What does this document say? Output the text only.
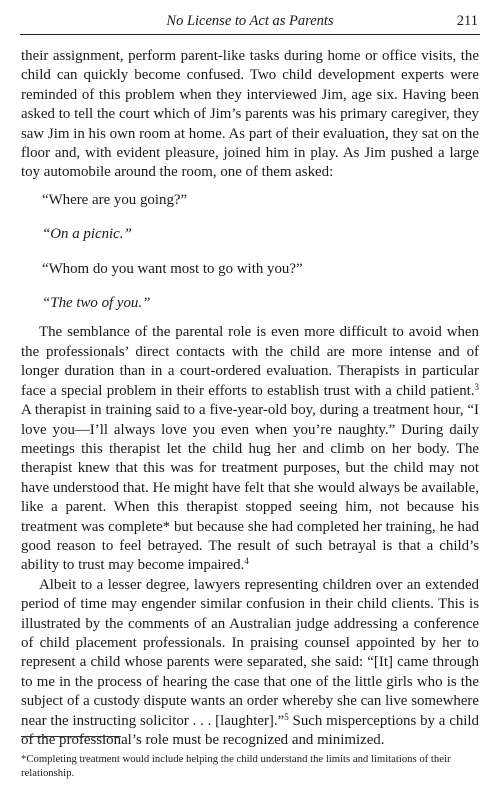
No License to Act as Parents	211

their assignment, perform parent-like tasks during home or office visits, the child can quickly become confused. Two child development experts were reminded of this problem when they interviewed Jim, age six. Having been asked to tell the court which of Jim’s parents was his primary caregiver, they saw Jim in his own room at home. As part of their evaluation, they sat on the floor and, with evident pleasure, joined him in play. As Jim pushed a large toy automobile around the room, one of them asked:

“Where are you going?”

“On a picnic.”

“Whom do you want most to go with you?”

“The two of you.”

The semblance of the parental role is even more difficult to avoid when the professionals’ direct contacts with the child are more intense and of longer duration than in a court-ordered evaluation. Therapists in particular face a special problem in their efforts to establish trust with a child patient.$^3$ A therapist in training said to a five-year-old boy, during a treatment hour, “I love you—I’ll always love you even when you’re naughty.” During daily meetings this therapist let the child hug her and climb on her body. The therapist knew that this was for treatment purposes, but the child may not have understood that. He might have felt that she would always be available, like a parent. When this therapist stopped seeing him, not because his treatment was complete* but because she had completed her training, he had good reason to feel betrayed. The result of such betrayal is that a child’s ability to trust may become impaired.$^4$

Albeit to a lesser degree, lawyers representing children over an extended period of time may engender similar confusion in their child clients. This is illustrated by the comments of an Australian judge addressing a conference of child placement professionals. In praising counsel appointed by her to represent a child whose parents were separated, she said: “[It] came through to me in the process of hearing the case that one of the little girls who is the subject of a custody dispute wants an order whereby she can live somewhere near the instructing solicitor . . . [laughter].”$^5$ Such misperceptions by a child of the professional’s role must be recognized and minimized.

*Completing treatment would include helping the child understand the limits and limitations of their relationship.
